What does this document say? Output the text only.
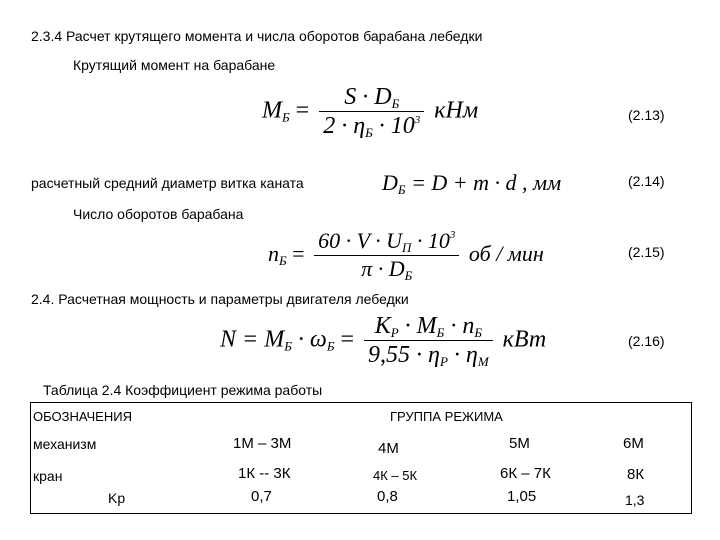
2.3.4 Расчет крутящего момента и числа оборотов барабана лебедки
Крутящий момент на барабане
$M_Б = \frac{S \cdot D_Б}{2 \cdot \eta_Б \cdot 10^3}$ кНм	(2.13)
расчетный средний диаметр витка каната	$D_Б = D + m \cdot d$ , мм	(2.14)
Число оборотов барабана
$n_Б = \frac{60 \cdot V \cdot U_П \cdot 10^3}{\pi \cdot D_Б}$ об / мин	(2.15)
2.4. Расчетная мощность и параметры двигателя лебедки
$N = M_Б \cdot \omega_Б = \frac{K_Р \cdot M_Б \cdot n_Б}{9,55 \cdot \eta_Р \cdot \eta_М}$ кВт	(2.16)
Таблица 2.4 Коэффициент режима работы
ОБОЗНАЧЕНИЯ	ГРУППА РЕЖИМА
механизм	1М – 3М	4М	5М	6М
кран	1К -- 3К	4К – 5К	6К – 7К	8К
Kр	0,7	0,8	1,05	1,3
